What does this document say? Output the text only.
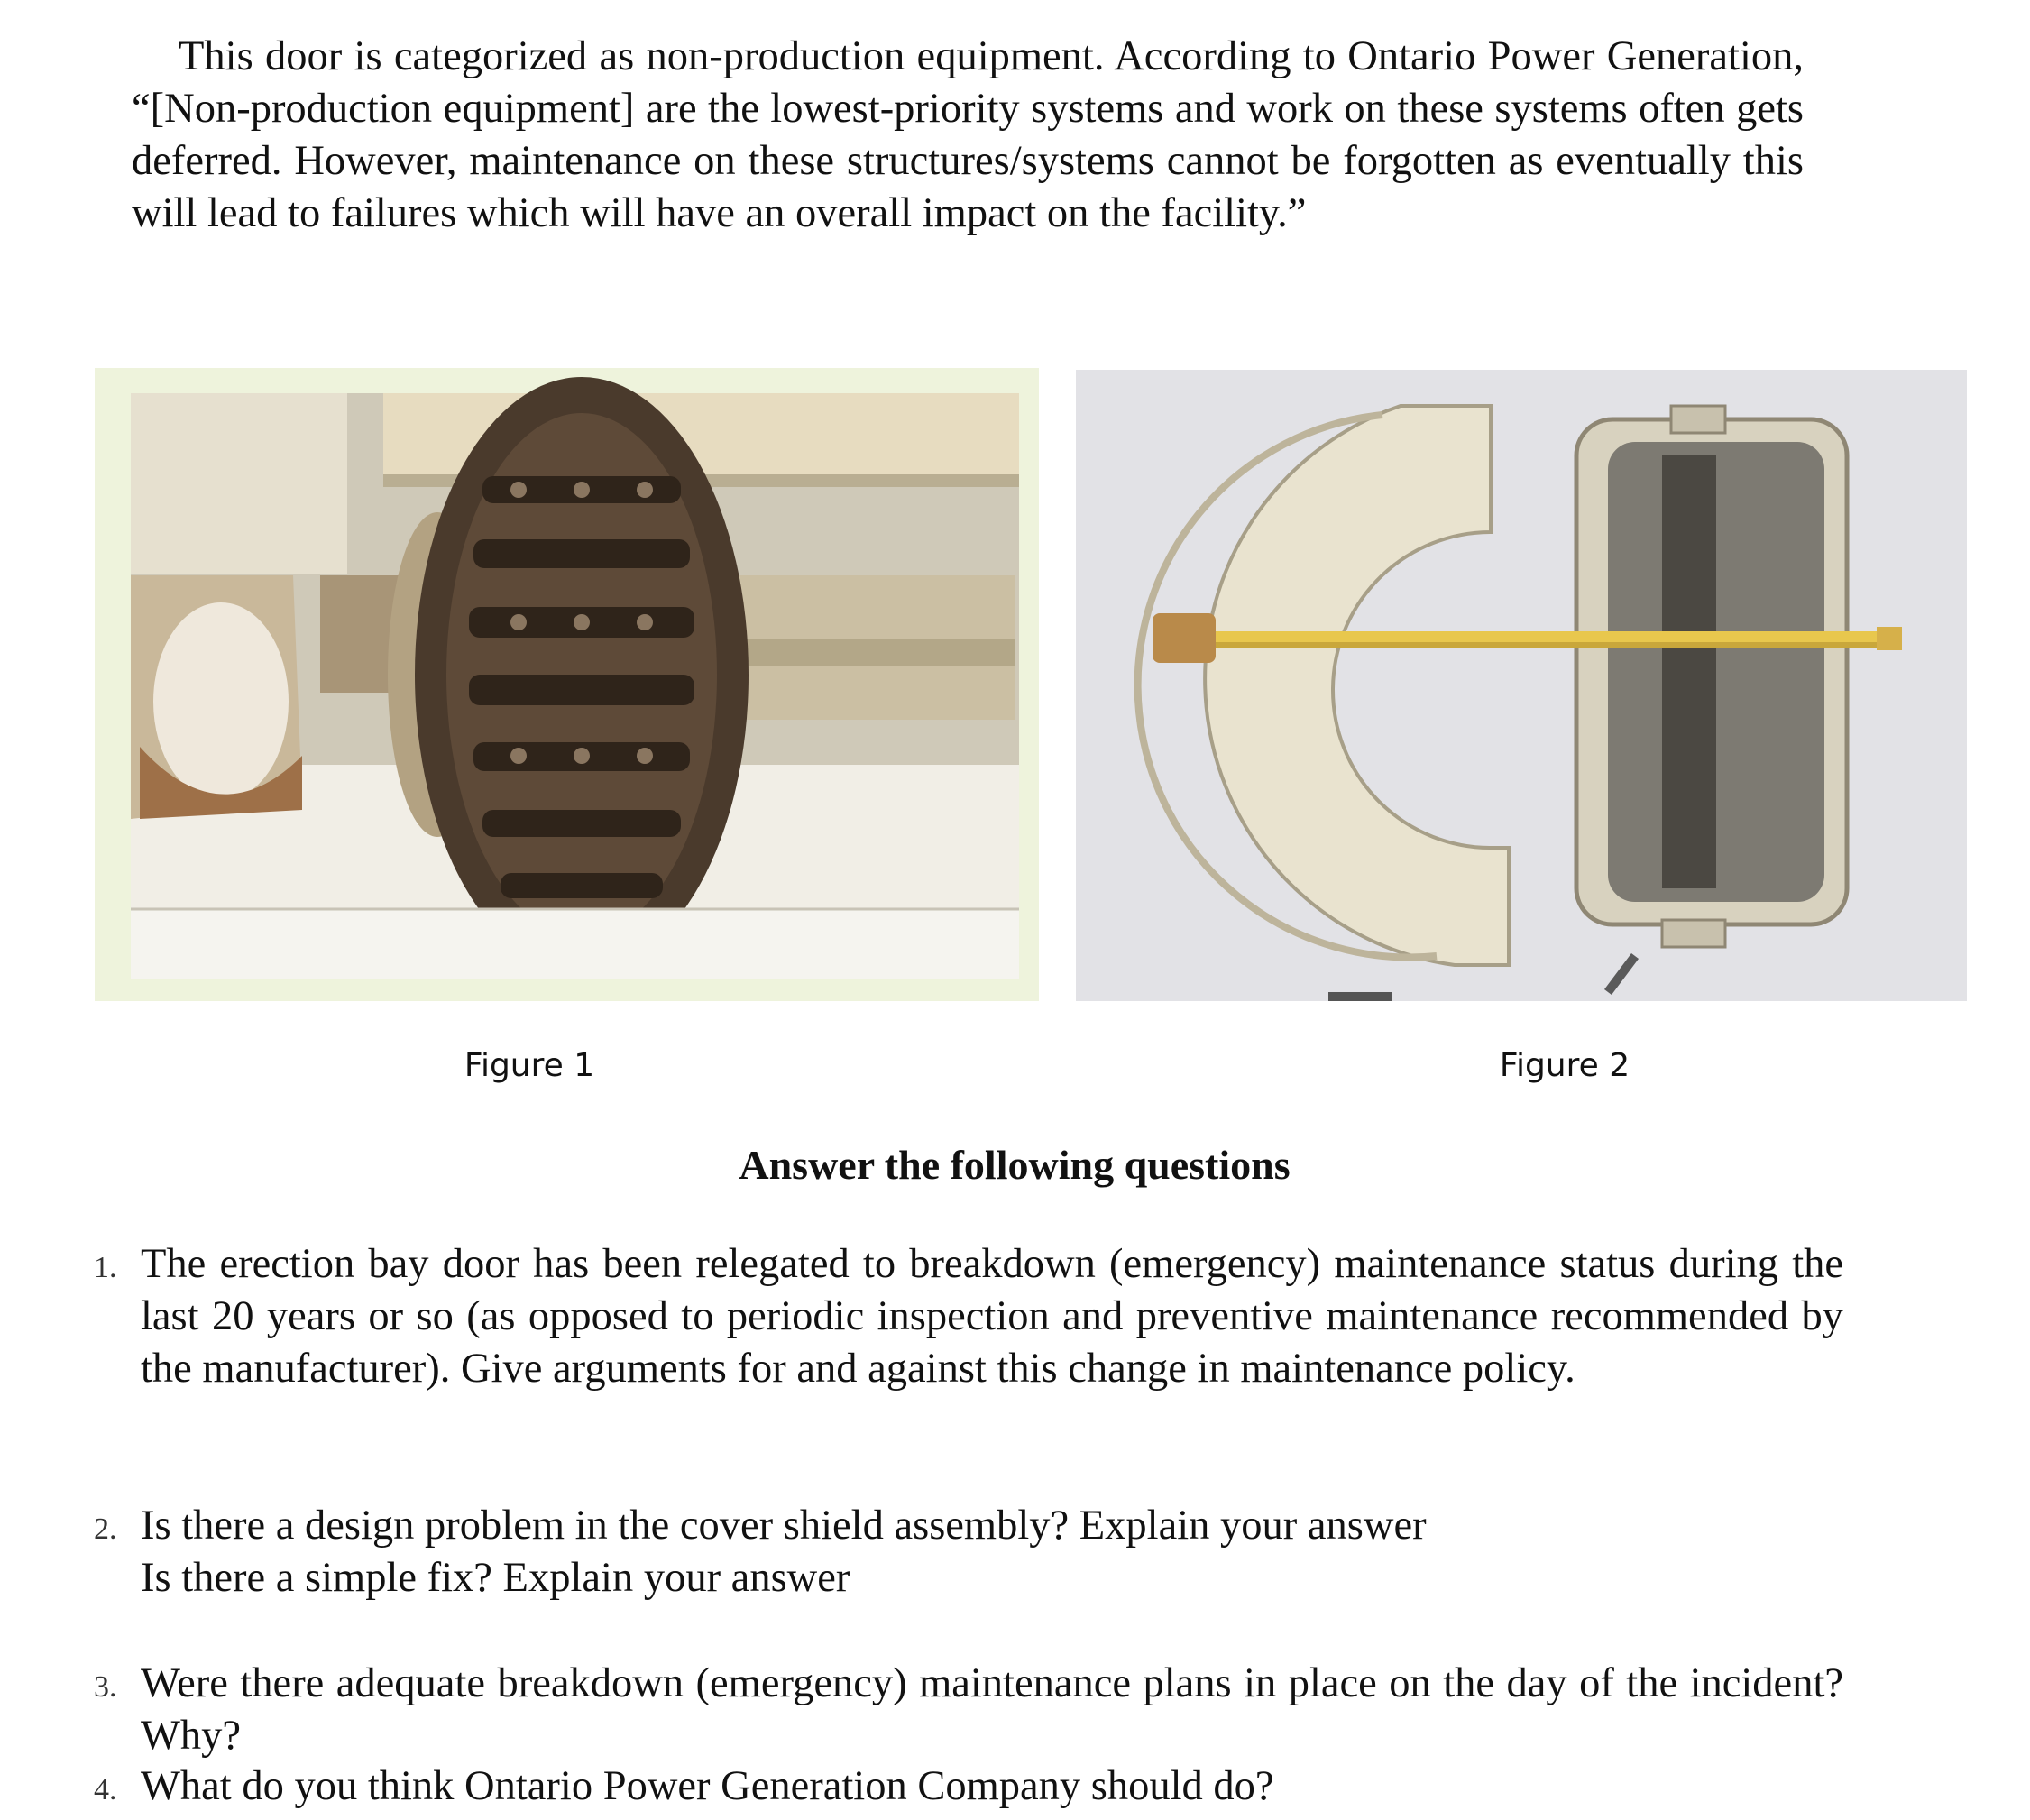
This door is categorized as non-production equipment. According to Ontario Power Generation, “[Non-production equipment] are the lowest-priority systems and work on these systems often gets deferred. However, maintenance on these structures/systems cannot be forgotten as eventually this will lead to failures which will have an overall impact on the facility.”

Figure 1	Figure 2
Answer the following questions
1. The erection bay door has been relegated to breakdown (emergency) maintenance status during the last 20 years or so (as opposed to periodic inspection and preventive maintenance recommended by the manufacturer). Give arguments for and against this change in maintenance policy.
2. Is there a design problem in the cover shield assembly? Explain your answer
Is there a simple fix? Explain your answer
3. Were there adequate breakdown (emergency) maintenance plans in place on the day of the incident? Why?
4. What do you think Ontario Power Generation Company should do?
